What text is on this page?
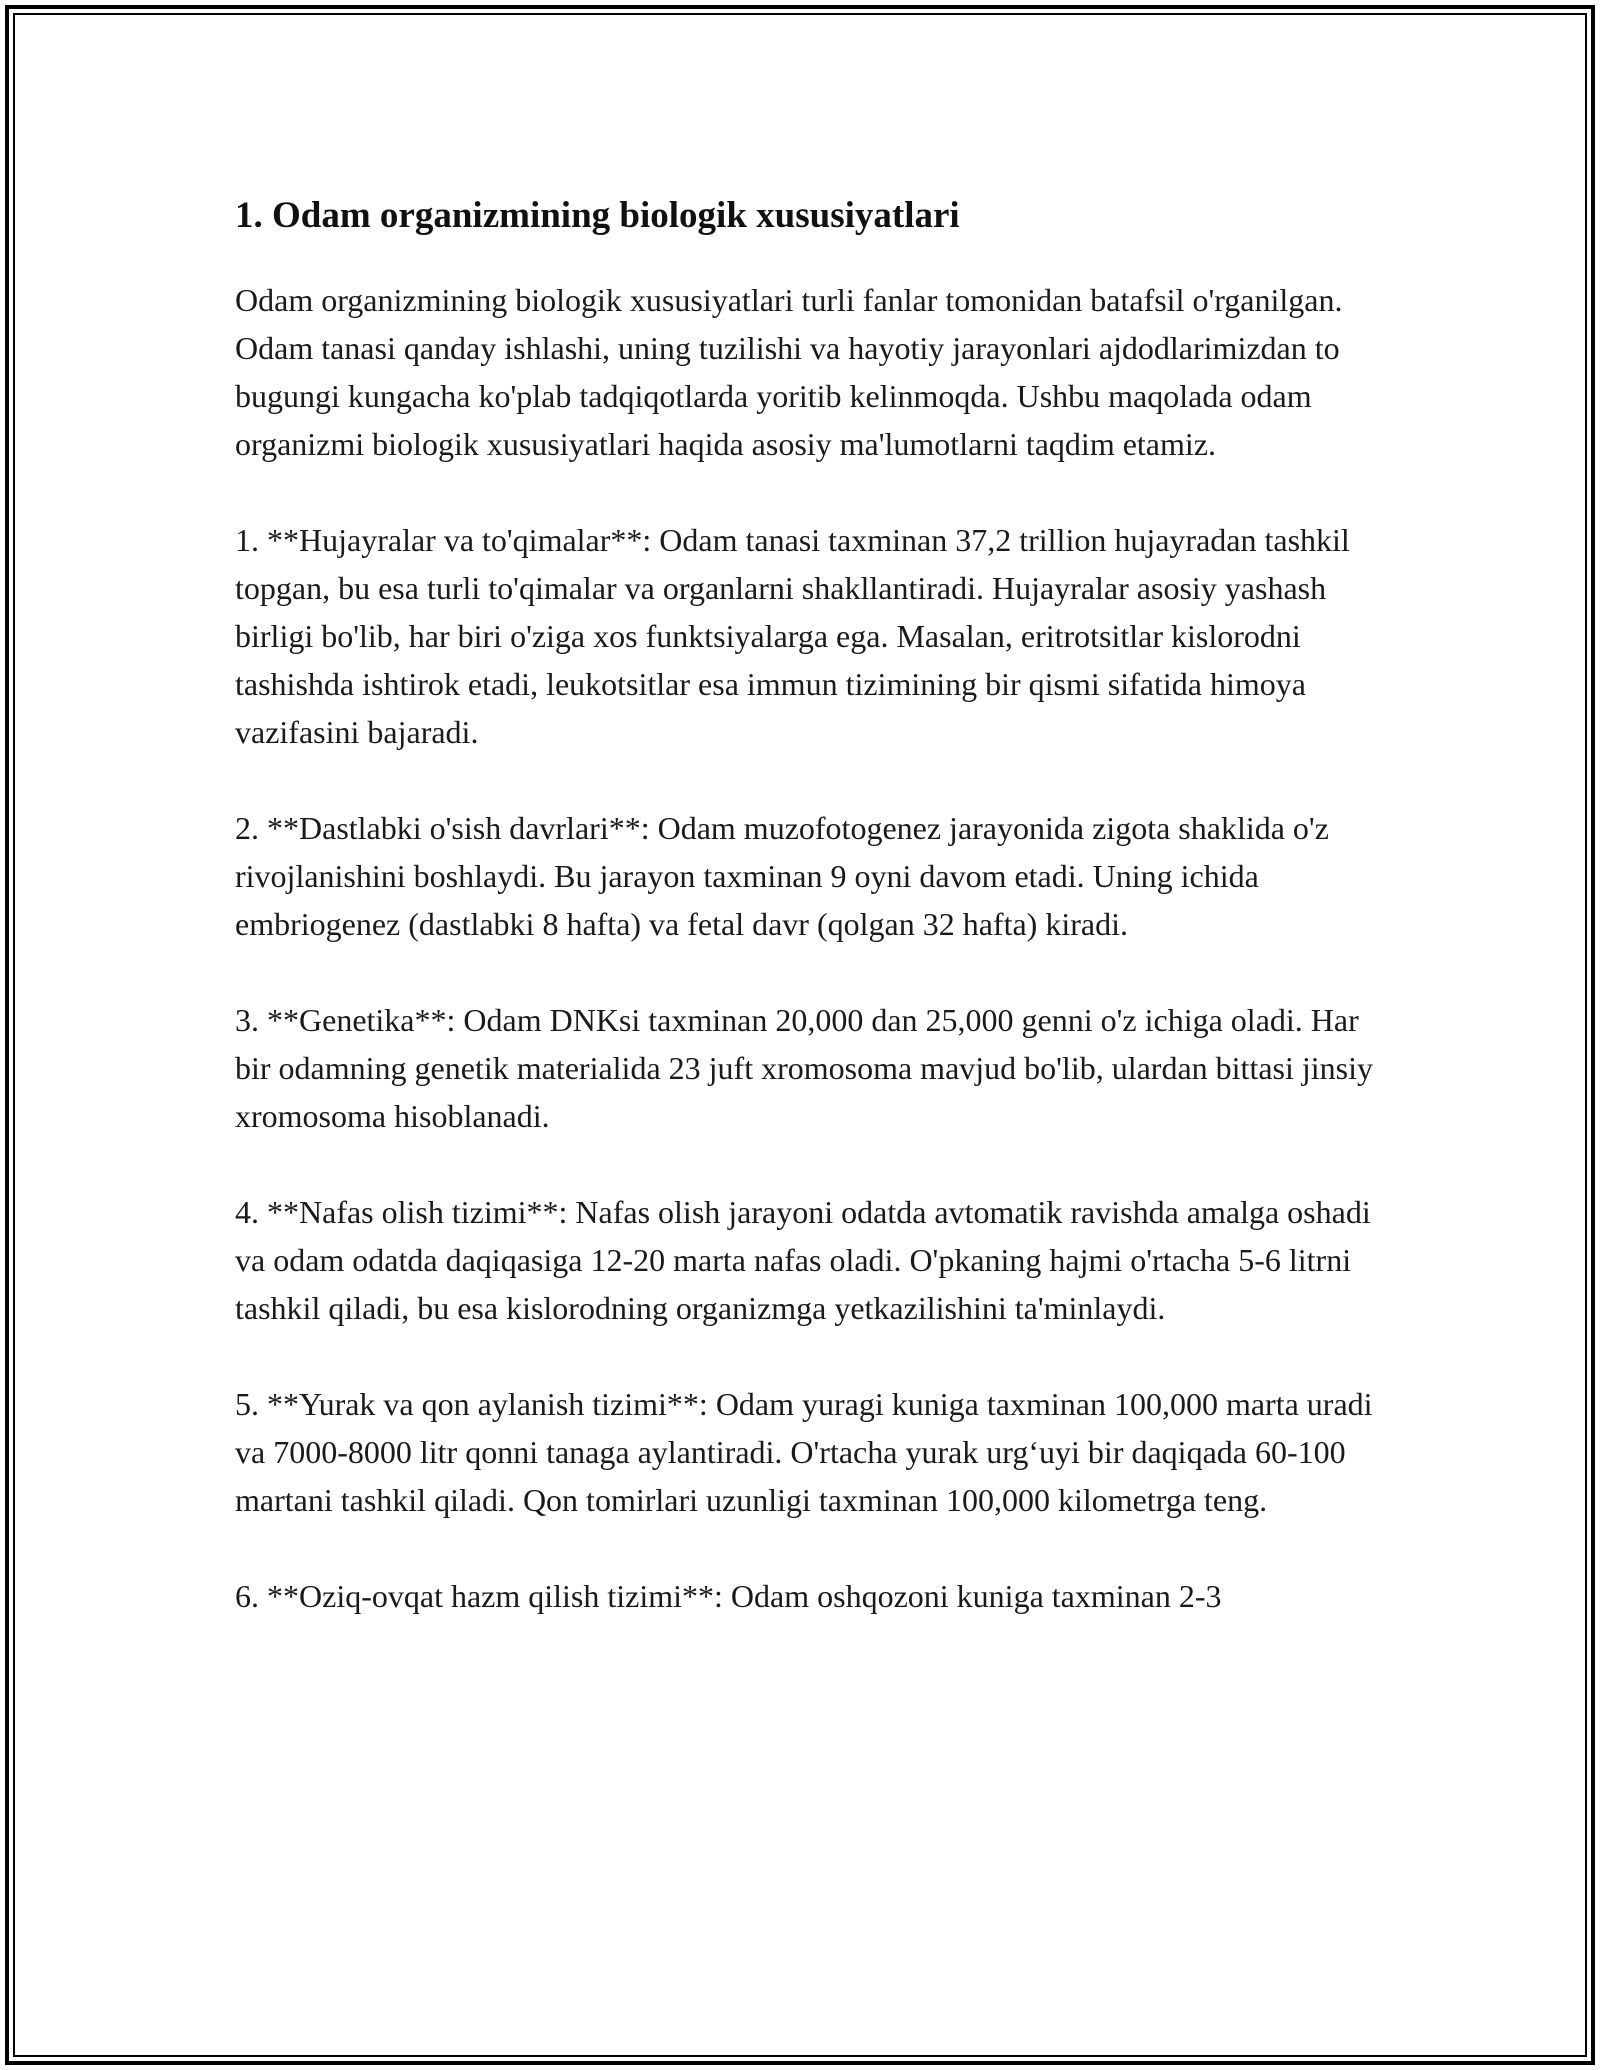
1. Odam organizmining biologik xususiyatlari

Odam organizmining biologik xususiyatlari turli fanlar tomonidan batafsil o'rganilgan. Odam tanasi qanday ishlashi, uning tuzilishi va hayotiy jarayonlari ajdodlarimizdan to bugungi kungacha ko'plab tadqiqotlarda yoritib kelinmoqda. Ushbu maqolada odam organizmi biologik xususiyatlari haqida asosiy ma'lumotlarni taqdim etamiz.

1. **Hujayralar va to'qimalar**: Odam tanasi taxminan 37,2 trillion hujayradan tashkil topgan, bu esa turli to'qimalar va organlarni shakllantiradi. Hujayralar asosiy yashash birligi bo'lib, har biri o'ziga xos funktsiyalarga ega. Masalan, eritrotsitlar kislorodni tashishda ishtirok etadi, leukotsitlar esa immun tizimining bir qismi sifatida himoya vazifasini bajaradi.

2. **Dastlabki o'sish davrlari**: Odam muzofotogenez jarayonida zigota shaklida o'z rivojlanishini boshlaydi. Bu jarayon taxminan 9 oyni davom etadi. Uning ichida embriogenez (dastlabki 8 hafta) va fetal davr (qolgan 32 hafta) kiradi.

3. **Genetika**: Odam DNKsi taxminan 20,000 dan 25,000 genni o'z ichiga oladi. Har bir odamning genetik materialida 23 juft xromosoma mavjud bo'lib, ulardan bittasi jinsiy xromosoma hisoblanadi.

4. **Nafas olish tizimi**: Nafas olish jarayoni odatda avtomatik ravishda amalga oshadi va odam odatda daqiqasiga 12-20 marta nafas oladi. O'pkaning hajmi o'rtacha 5-6 litrni tashkil qiladi, bu esa kislorodning organizmga yetkazilishini ta'minlaydi.

5. **Yurak va qon aylanish tizimi**: Odam yuragi kuniga taxminan 100,000 marta uradi va 7000-8000 litr qonni tanaga aylantiradi. O'rtacha yurak urg‘uyi bir daqiqada 60-100 martani tashkil qiladi. Qon tomirlari uzunligi taxminan 100,000 kilometrga teng.

6. **Oziq-ovqat hazm qilish tizimi**: Odam oshqozoni kuniga taxminan 2-3
